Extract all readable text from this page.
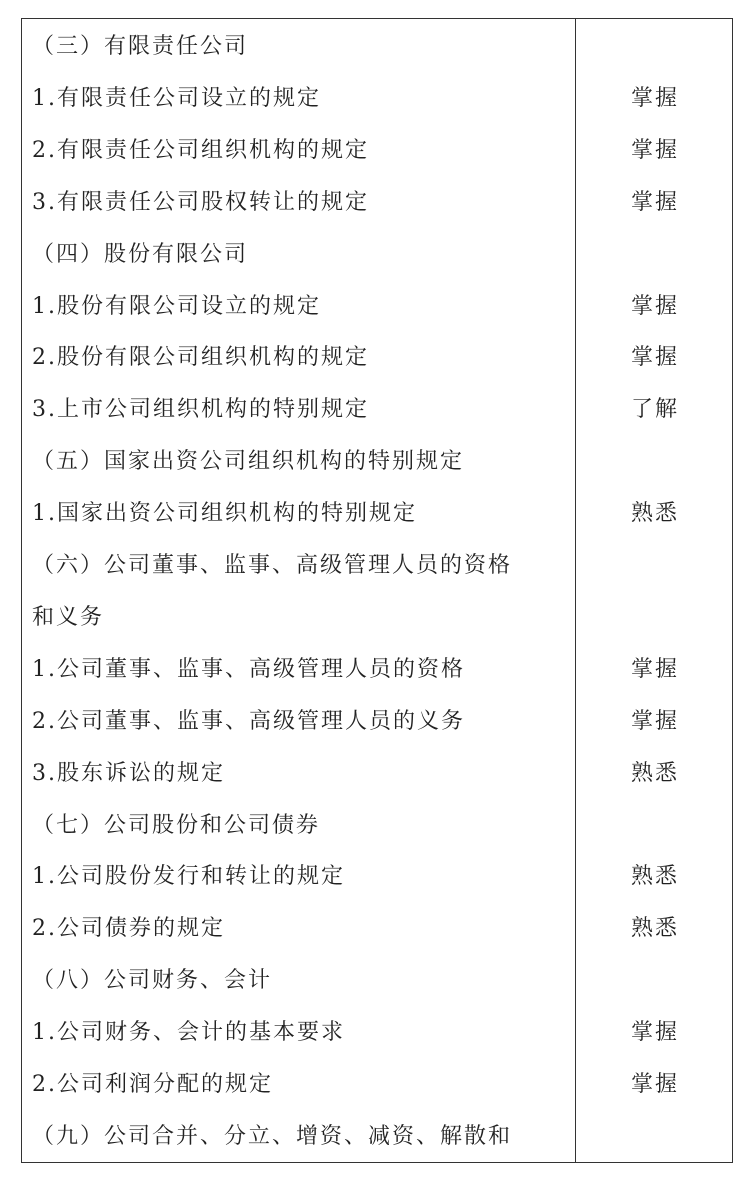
（三）有限责任公司
1.有限责任公司设立的规定	掌握
2.有限责任公司组织机构的规定	掌握
3.有限责任公司股权转让的规定	掌握
（四）股份有限公司
1.股份有限公司设立的规定	掌握
2.股份有限公司组织机构的规定	掌握
3.上市公司组织机构的特别规定	了解
（五）国家出资公司组织机构的特别规定
1.国家出资公司组织机构的特别规定	熟悉
（六）公司董事、监事、高级管理人员的资格
和义务
1.公司董事、监事、高级管理人员的资格	掌握
2.公司董事、监事、高级管理人员的义务	掌握
3.股东诉讼的规定	熟悉
（七）公司股份和公司债券
1.公司股份发行和转让的规定	熟悉
2.公司债券的规定	熟悉
（八）公司财务、会计
1.公司财务、会计的基本要求	掌握
2.公司利润分配的规定	掌握
（九）公司合并、分立、增资、减资、解散和
